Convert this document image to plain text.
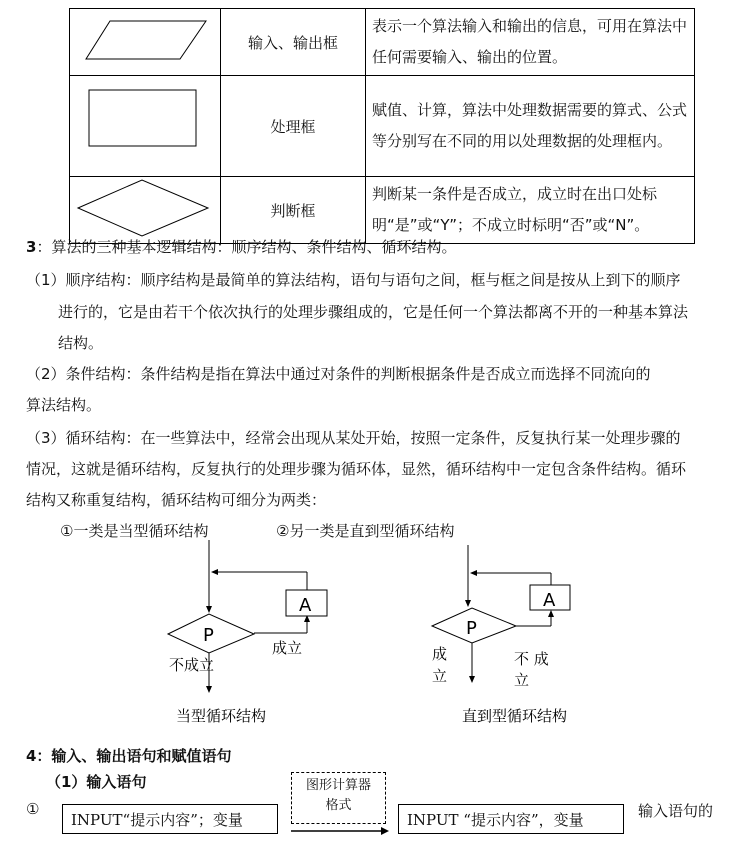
	输入、输出框	表示一个算法输入和输出的信息，可用在算法中任何需要输入、输出的位置。
	处理框	赋值、计算，算法中处理数据需要的算式、公式等分别写在不同的用以处理数据的处理框内。
	判断框	判断某一条件是否成立，成立时在出口处标明“是”或“Y”；不成立时标明“否”或“N”。
3：算法的三种基本逻辑结构：顺序结构、条件结构、循环结构。
（1）顺序结构：顺序结构是最简单的算法结构，语句与语句之间，框与框之间是按从上到下的顺序
进行的，它是由若干个依次执行的处理步骤组成的，它是任何一个算法都离不开的一种基本算法
结构。
（2）条件结构：条件结构是指在算法中通过对条件的判断根据条件是否成立而选择不同流向的
算法结构。
（3）循环结构：在一些算法中，经常会出现从某处开始，按照一定条件，反复执行某一处理步骤的
情况，这就是循环结构，反复执行的处理步骤为循环体，显然，循环结构中一定包含条件结构。循环
结构又称重复结构，循环结构可细分为两类：
①一类是当型循环结构	②另一类是直到型循环结构
P
A
成立
不成立
当型循环结构
P
A
成
立
不 成
立
直到型循环结构
4：输入、输出语句和赋值语句
（1）输入语句
①
INPUT“提示内容”；变量
图形计算器
格式
INPUT “提示内容”，变量	输入语句的
